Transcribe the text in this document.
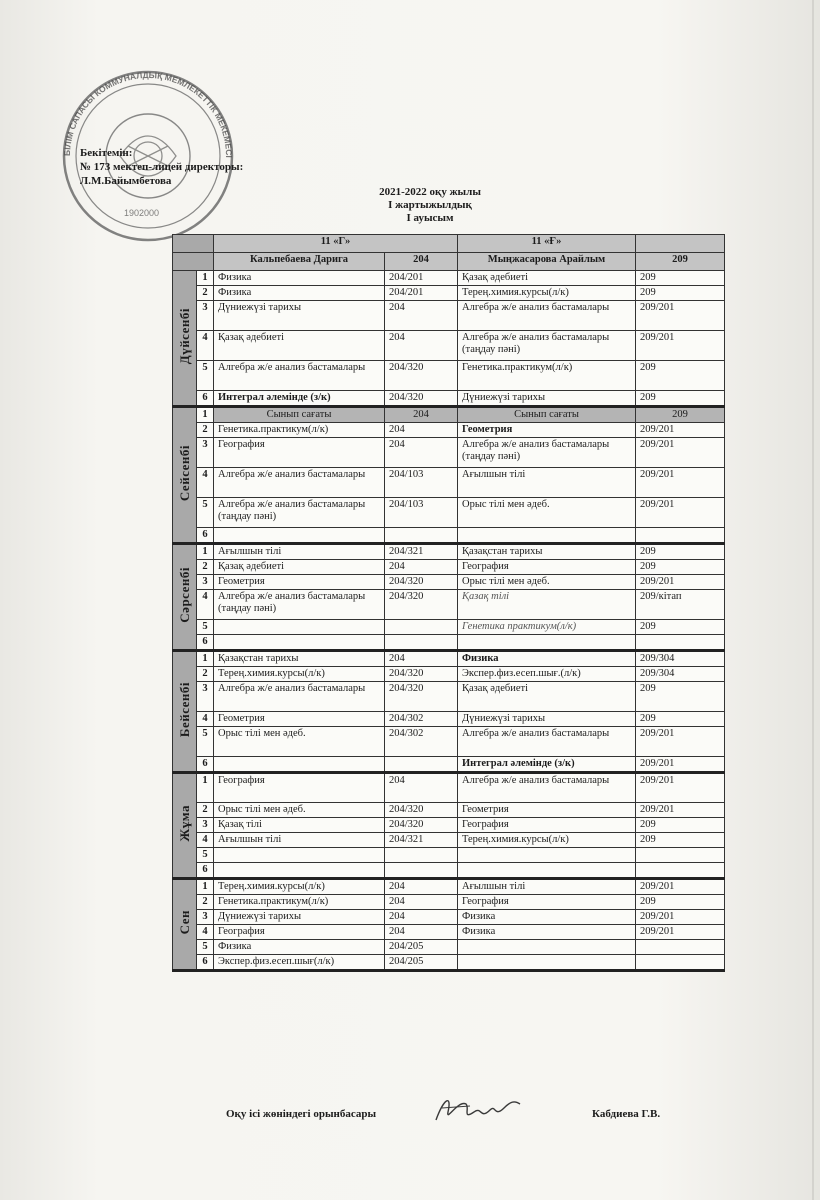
БІЛІМ САПАСЫ КОММУНАЛДЫҚ МЕМЛЕКЕТТІК МЕКЕМЕСІ
1902000
Бекітемін:
№ 173 мектеп-лицей директоры:
Л.М.Байымбетова
2021-2022 оқу жылы
І жартыжылдық
І ауысым
		11 «Г»		11 «Ғ»	
		Кальпебаева Дарига	204	Мыңжасарова Арайлым	209
Дүйсенбі	1	Физика	204/201	Қазақ әдебиеті	209
	2	Физика	204/201	Терең.химия.курсы(л/к)	209
	3	Дүниежүзі тарихы	204	Алгебра ж/е анализ бастамалары	209/201
	4	Қазақ әдебиеті	204	Алгебра ж/е анализ бастамалары (таңдау пәні)	209/201
	5	Алгебра ж/е анализ бастамалары	204/320	Генетика.практикум(л/к)	209
	6	Интеграл әлемінде (з/к)	204/320	Дүниежүзі тарихы	209
Сейсенбі	1	Сынып сағаты	204	Сынып сағаты	209
	2	Генетика.практикум(л/к)	204	Геометрия	209/201
	3	География	204	Алгебра ж/е анализ бастамалары (таңдау пәні)	209/201
	4	Алгебра ж/е анализ бастамалары	204/103	Ағылшын тілі	209/201
	5	Алгебра ж/е анализ бастамалары (таңдау пәні)	204/103	Орыс тілі мен әдеб.	209/201
	6				
Сәрсенбі	1	Ағылшын тілі	204/321	Қазақстан тарихы	209
	2	Қазақ әдебиеті	204	География	209
	3	Геометрия	204/320	Орыс тілі мен әдеб.	209/201
	4	Алгебра ж/е анализ бастамалары (таңдау пәні)	204/320	Қазақ тілі	209/кітап
	5			Генетика практикум(л/к)	209
	6				
Бейсенбі	1	Қазақстан тарихы	204	Физика	209/304
	2	Терең.химия.курсы(л/к)	204/320	Экспер.физ.есеп.шығ.(л/к)	209/304
	3	Алгебра ж/е анализ бастамалары	204/320	Қазақ әдебиеті	209
	4	Геометрия	204/302	Дүниежүзі тарихы	209
	5	Орыс тілі мен әдеб.	204/302	Алгебра ж/е анализ бастамалары	209/201
	6			Интеграл әлемінде (з/к)	209/201
Жұма	1	География	204	Алгебра ж/е анализ бастамалары	209/201
	2	Орыс тілі мен әдеб.	204/320	Геометрия	209/201
	3	Қазақ тілі	204/320	География	209
	4	Ағылшын тілі	204/321	Терең.химия.курсы(л/к)	209
	5				
	6				
Сен	1	Терең.химия.курсы(л/к)	204	Ағылшын тілі	209/201
	2	Генетика.практикум(л/к)	204	География	209
	3	Дүниежүзі тарихы	204	Физика	209/201
	4	География	204	Физика	209/201
	5	Физика	204/205		
	6	Экспер.физ.есеп.шығ(л/к)	204/205		
Оқу ісі жөніндегі орынбасары	Кабдиева Г.В.
